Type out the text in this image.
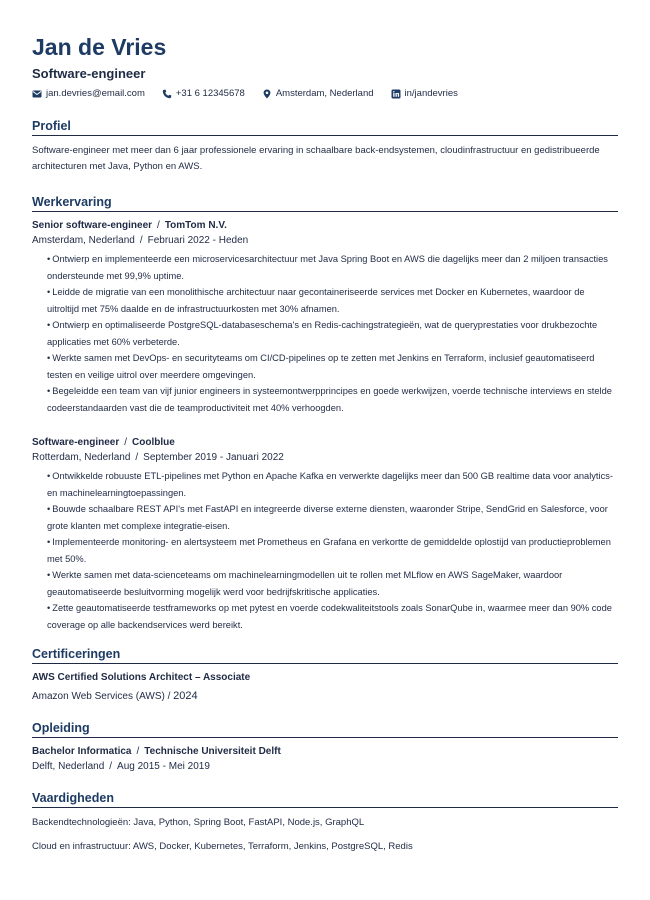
Jan de Vries
Software-engineer
jan.devries@email.com	+31 6 12345678	Amsterdam, Nederland	in/jandevries
Profiel
Software-engineer met meer dan 6 jaar professionele ervaring in schaalbare back-endsystemen, cloudinfrastructuur en gedistribueerde architecturen met Java, Python en AWS.
Werkervaring
Senior software-engineer / TomTom N.V.
Amsterdam, Nederland / Februari 2022 - Heden
• Ontwierp en implementeerde een microservicesarchitectuur met Java Spring Boot en AWS die dagelijks meer dan 2 miljoen transacties ondersteunde met 99,9% uptime.
• Leidde de migratie van een monolithische architectuur naar gecontaineriseerde services met Docker en Kubernetes, waardoor de uitroltijd met 75% daalde en de infrastructuurkosten met 30% afnamen.
• Ontwierp en optimaliseerde PostgreSQL-databaseschema's en Redis-cachingstrategieën, wat de queryprestaties voor drukbezochte applicaties met 60% verbeterde.
• Werkte samen met DevOps- en securityteams om CI/CD-pipelines op te zetten met Jenkins en Terraform, inclusief geautomatiseerd testen en veilige uitrol over meerdere omgevingen.
• Begeleidde een team van vijf junior engineers in systeemontwerpprincipes en goede werkwijzen, voerde technische interviews en stelde codeerstandaarden vast die de teamproductiviteit met 40% verhoogden.
Software-engineer / Coolblue
Rotterdam, Nederland / September 2019 - Januari 2022
• Ontwikkelde robuuste ETL-pipelines met Python en Apache Kafka en verwerkte dagelijks meer dan 500 GB realtime data voor analytics- en machinelearningtoepassingen.
• Bouwde schaalbare REST API's met FastAPI en integreerde diverse externe diensten, waaronder Stripe, SendGrid en Salesforce, voor grote klanten met complexe integratie-eisen.
• Implementeerde monitoring- en alertsysteem met Prometheus en Grafana en verkortte de gemiddelde oplostijd van productieproblemen met 50%.
• Werkte samen met data-scienceteams om machinelearningmodellen uit te rollen met MLflow en AWS SageMaker, waardoor geautomatiseerde besluitvorming mogelijk werd voor bedrijfskritische applicaties.
• Zette geautomatiseerde testframeworks op met pytest en voerde codekwaliteitstools zoals SonarQube in, waarmee meer dan 90% code coverage op alle backendservices werd bereikt.
Certificeringen
AWS Certified Solutions Architect – Associate
Amazon Web Services (AWS) / 2024
Opleiding
Bachelor Informatica / Technische Universiteit Delft
Delft, Nederland / Aug 2015 - Mei 2019
Vaardigheden
Backendtechnologieën: Java, Python, Spring Boot, FastAPI, Node.js, GraphQL
Cloud en infrastructuur: AWS, Docker, Kubernetes, Terraform, Jenkins, PostgreSQL, Redis
